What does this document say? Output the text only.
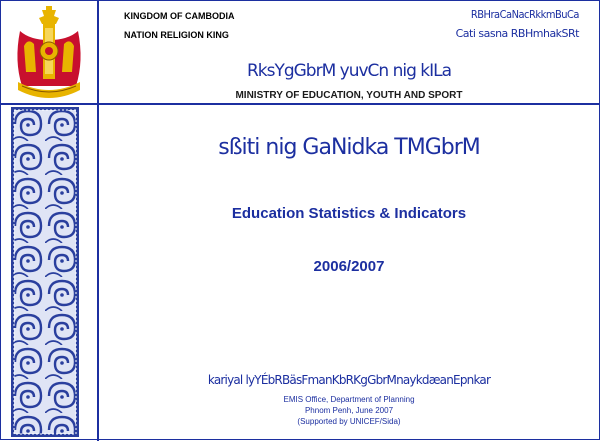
KINGDOM OF CAMBODIA
NATION RELIGION KING
RBHraCaNacRkkmBuCa
Cati sasna RBHmhakSRt
RksYgGbrM yuvCn nig kILa
MINISTRY OF EDUCATION, YOUTH AND SPORT
sßiti nig GaNidka TMGbrM
Education Statistics & Indicators
2006/2007
kariyal lyYÉbRBäsFmanKbRKgGbrMnaykdæanEpnkar
EMIS Office, Department of Planning
Phnom Penh, June 2007
(Supported by UNICEF/Sida)
